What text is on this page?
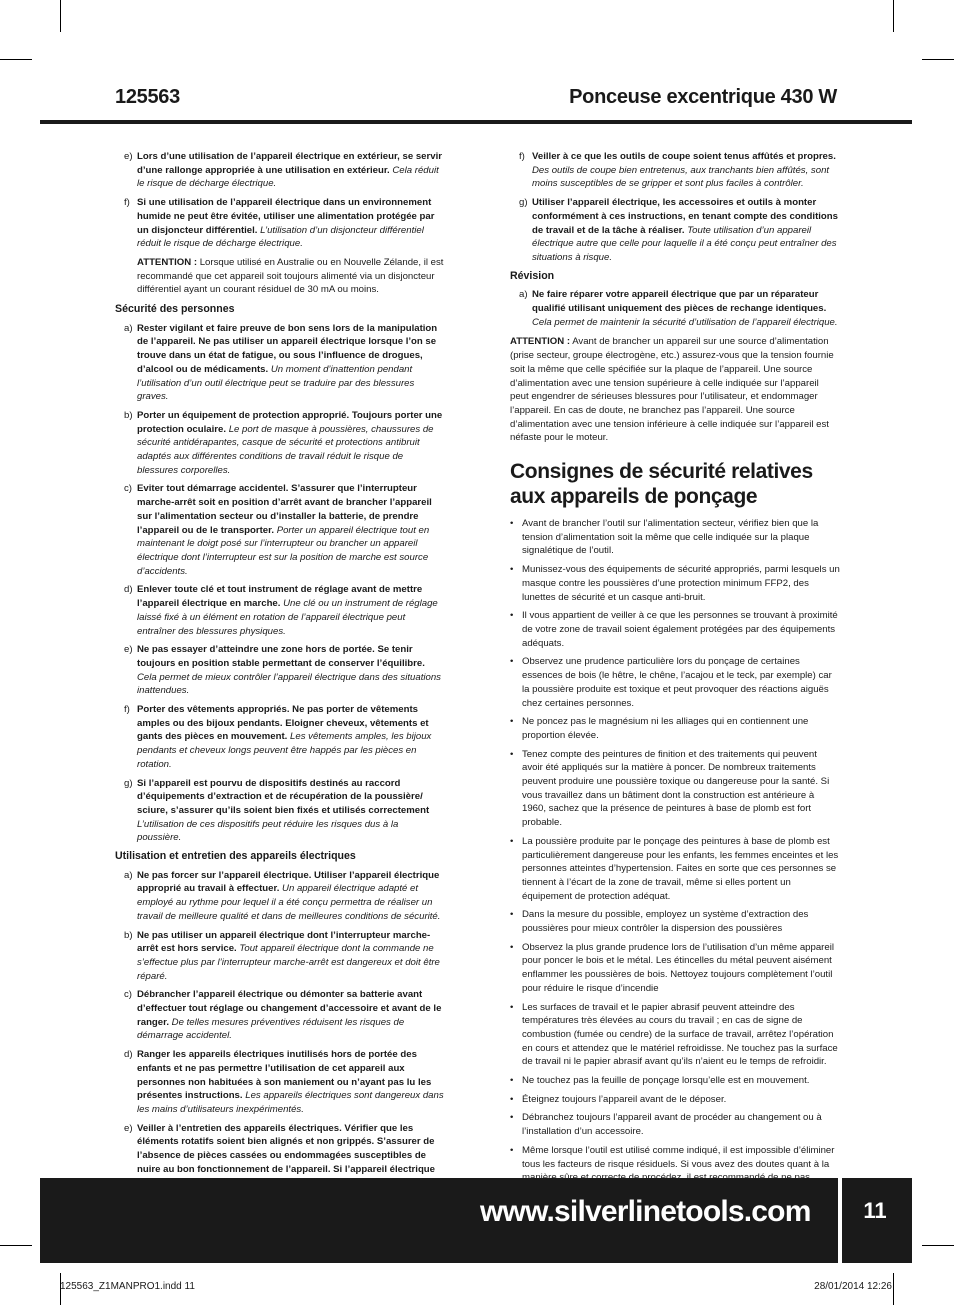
125563	Ponceuse excentrique 430 W
e) Lors d’une utilisation de l’appareil électrique en extérieur, se servir d’une rallonge appropriée à une utilisation en extérieur. Cela réduit le risque de décharge électrique.
f) Si une utilisation de l’appareil électrique dans un environnement humide ne peut être évitée, utiliser une alimentation protégée par un disjoncteur différentiel. L’utilisation d’un disjoncteur différentiel réduit le risque de décharge électrique.
ATTENTION : Lorsque utilisé en Australie ou en Nouvelle Zélande, il est recommandé que cet appareil soit toujours alimenté via un disjoncteur différentiel ayant un courant résiduel de 30 mA ou moins.
Sécurité des personnes
a) Rester vigilant et faire preuve de bon sens lors de la manipulation de l’appareil. Ne pas utiliser un appareil électrique lorsque l’on se trouve dans un état de fatigue, ou sous l’influence de drogues, d’alcool ou de médicaments. Un moment d’inattention pendant l’utilisation d’un outil électrique peut se traduire par des blessures graves.
b) Porter un équipement de protection approprié. Toujours porter une protection oculaire. Le port de masque à poussières, chaussures de sécurité antidérapantes, casque de sécurité et protections antibruit adaptés aux différentes conditions de travail réduit le risque de blessures corporelles.
c) Eviter tout démarrage accidentel. S’assurer que l’interrupteur marche-arrêt soit en position d’arrêt avant de brancher l’appareil sur l’alimentation secteur ou d’installer la batterie, de prendre l’appareil ou de le transporter. Porter un appareil électrique tout en maintenant le doigt posé sur l’interrupteur ou brancher un appareil électrique dont l’interrupteur est sur la position de marche est source d’accidents.
d) Enlever toute clé et tout instrument de réglage avant de mettre l’appareil électrique en marche. Une clé ou un instrument de réglage laissé fixé à un élément en rotation de l’appareil électrique peut entraîner des blessures physiques.
e) Ne pas essayer d’atteindre une zone hors de portée. Se tenir toujours en position stable permettant de conserver l’équilibre. Cela permet de mieux contrôler l’appareil électrique dans des situations inattendues.
f) Porter des vêtements appropriés. Ne pas porter de vêtements amples ou des bijoux pendants. Eloigner cheveux, vêtements et gants des pièces en mouvement. Les vêtements amples, les bijoux pendants et cheveux longs peuvent être happés par les pièces en rotation.
g) Si l’appareil est pourvu de dispositifs destinés au raccord d’équipements d’extraction et de récupération de la poussière/ sciure, s’assurer qu’ils soient bien fixés et utilisés correctement L’utilisation de ces dispositifs peut réduire les risques dus à la poussière.
Utilisation et entretien des appareils électriques
a) Ne pas forcer sur l’appareil électrique. Utiliser l’appareil électrique approprié au travail à effectuer. Un appareil électrique adapté et employé au rythme pour lequel il a été conçu permettra de réaliser un travail de meilleure qualité et dans de meilleures conditions de sécurité.
b) Ne pas utiliser un appareil électrique dont l’interrupteur marche-arrêt est hors service. Tout appareil électrique dont la commande ne s’effectue plus par l’interrupteur marche-arrêt est dangereux et doit être réparé.
c) Débrancher l’appareil électrique ou démonter sa batterie avant d’effectuer tout réglage ou changement d’accessoire et avant de le ranger. De telles mesures préventives réduisent les risques de démarrage accidentel.
d) Ranger les appareils électriques inutilisés hors de portée des enfants et ne pas permettre l’utilisation de cet appareil aux personnes non habituées à son maniement ou n’ayant pas lu les présentes instructions. Les appareils électriques sont dangereux dans les mains d’utilisateurs inexpérimentés.
e) Veiller à l’entretien des appareils électriques. Vérifier que les éléments rotatifs soient bien alignés et non grippés. S’assurer de l’absence de pièces cassées ou endommagées susceptibles de nuire au bon fonctionnement de l’appareil. Si l’appareil électrique
f) Veiller à ce que les outils de coupe soient tenus affûtés et propres. Des outils de coupe bien entretenus, aux tranchants bien affûtés, sont moins susceptibles de se gripper et sont plus faciles à contrôler.
g) Utiliser l’appareil électrique, les accessoires et outils à monter conformément à ces instructions, en tenant compte des conditions de travail et de la tâche à réaliser. Toute utilisation d’un appareil électrique autre que celle pour laquelle il a été conçu peut entraîner des situations à risque.
Révision
a) Ne faire réparer votre appareil électrique que par un réparateur qualifié utilisant uniquement des pièces de rechange identiques. Cela permet de maintenir la sécurité d’utilisation de l’appareil électrique.
ATTENTION : Avant de brancher un appareil sur une source d’alimentation (prise secteur, groupe électrogène, etc.) assurez-vous que la tension fournie soit la même que celle spécifiée sur la plaque de l’appareil. Une source d’alimentation avec une tension supérieure à celle indiquée sur l’appareil peut engendrer de sérieuses blessures pour l’utilisateur, et endommager l’appareil. En cas de doute, ne branchez pas l’appareil. Une source d’alimentation avec une tension inférieure à celle indiquée sur l’appareil est néfaste pour le moteur.
Consignes de sécurité relatives aux appareils de ponçage
• Avant de brancher l’outil sur l’alimentation secteur, vérifiez bien que la tension d’alimentation soit la même que celle indiquée sur la plaque signalétique de l’outil.
• Munissez-vous des équipements de sécurité appropriés, parmi lesquels un masque contre les poussières d’une protection minimum FFP2, des lunettes de sécurité et un casque anti-bruit.
• Il vous appartient de veiller à ce que les personnes se trouvant à proximité de votre zone de travail soient également protégées par des équipements adéquats.
• Observez une prudence particulière lors du ponçage de certaines essences de bois (le hêtre, le chêne, l’acajou et le teck, par exemple) car la poussière produite est toxique et peut provoquer des réactions aiguës chez certaines personnes.
• Ne poncez pas le magnésium ni les alliages qui en contiennent une proportion élevée.
• Tenez compte des peintures de finition et des traitements qui peuvent avoir été appliqués sur la matière à poncer. De nombreux traitements peuvent produire une poussière toxique ou dangereuse pour la santé. Si vous travaillez dans un bâtiment dont la construction est antérieure à 1960, sachez que la présence de peintures à base de plomb est fort probable.
• La poussière produite par le ponçage des peintures à base de plomb est particulièrement dangereuse pour les enfants, les femmes enceintes et les personnes atteintes d’hypertension. Faites en sorte que ces personnes se tiennent à l’écart de la zone de travail, même si elles portent un équipement de protection adéquat.
• Dans la mesure du possible, employez un système d’extraction des poussières pour mieux contrôler la dispersion des poussières
• Observez la plus grande prudence lors de l’utilisation d’un même appareil pour poncer le bois et le métal. Les étincelles du métal peuvent aisément enflammer les poussières de bois. Nettoyez toujours complètement l’outil pour réduire le risque d’incendie
• Les surfaces de travail et le papier abrasif peuvent atteindre des températures très élevées au cours du travail ; en cas de signe de combustion (fumée ou cendre) de la surface de travail, arrêtez l’opération en cours et attendez que le matériel refroidisse. Ne touchez pas la surface de travail ni le papier abrasif avant qu’ils n’aient eu le temps de refroidir.
• Ne touchez pas la feuille de ponçage lorsqu’elle est en mouvement.
• Éteignez toujours l’appareil avant de le déposer.
• Débranchez toujours l’appareil avant de procéder au changement ou à l’installation d’un accessoire.
• Même lorsque l’outil est utilisé comme indiqué, il est impossible d’éliminer tous les facteurs de risque résiduels. Si vous avez des doutes quant à la
www.silverlinetools.com	11
125563_Z1MANPRO1.indd 11	28/01/2014 12:26
